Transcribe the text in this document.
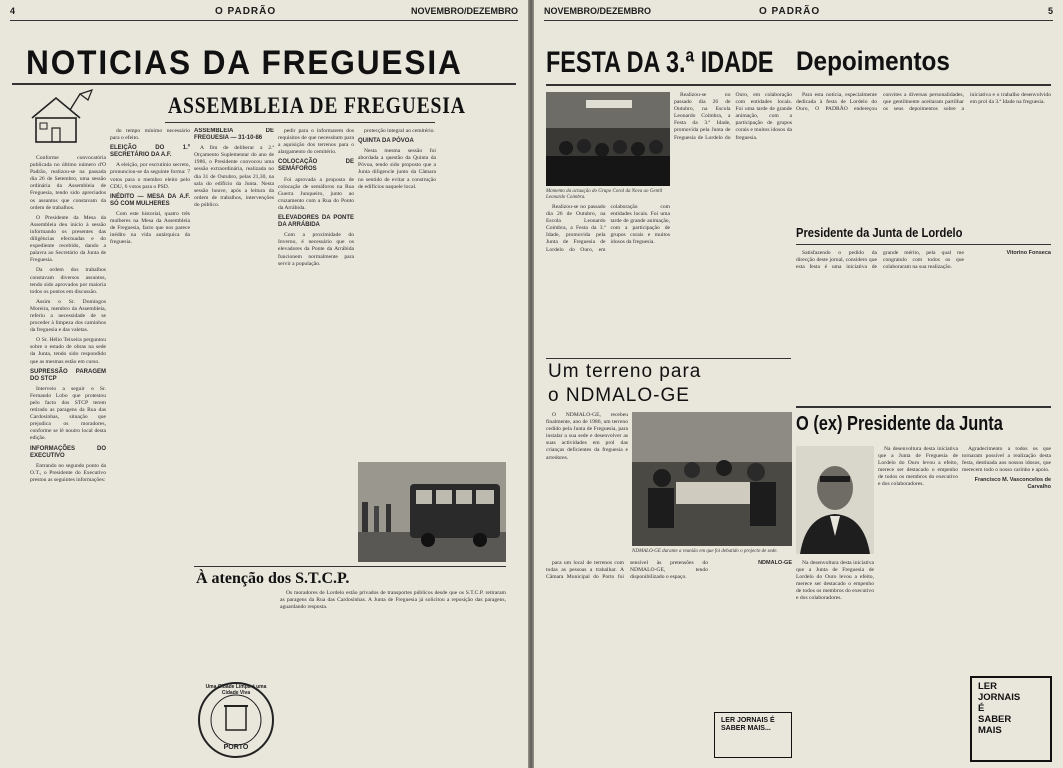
4	O PADRÃO	NOVEMBRO/DEZEMBRO
NOTICIAS DA FREGUESIA
ASSEMBLEIA DE FREGUESIA

Conforme convocatória publicada no último número d'O Padrão, realizou-se na passada dia 26 de Setembro, uma sessão ordinária da Assembleia de Freguesia, tendo sido apreciados os assuntos que constavam da ordem de trabalhos.

O Presidente da Mesa da Assembleia deu início à sessão informando os presentes das diligências efectuadas e do expediente recebido, dando a palavra ao Secretário da Junta de Freguesia.

Da ordem dos trabalhos constavam diversos assuntos, tendo sido aprovados por maioria todos os pontos em discussão.

Assim o Sr. Domingos Moreira, membro da Assembleia, referiu a necessidade de se proceder à limpeza dos caminhos da freguesia e das valetas.

O Sr. Hélio Teixeira perguntou sobre o estado de obras na sede da Junta, tendo sido respondido que as mesmas estão em curso.

SUPRESSÃO PARAGEM DO STCP

Interveio a seguir o Sr. Fernando Lobo que protestou pelo facto dos STCP terem retirado as paragens da Rua das Cardosinhas, situação que prejudica os moradores, conforme se lê noutro local desta edição.

INFORMAÇÕES DO EXECUTIVO

Entrando no segundo ponto da O.T., o Presidente do Executivo prestou as seguintes informações:

do tempo mínimo necessário para o efeito.

ELEIÇÃO DO 1.º SECRETÁRIO DA A.F.

A eleição, por escrutínio secreto, pronunciou-se da seguinte forma: 7 votos para o membro eleito pelo CDU, 6 votos para o PSD.

INÉDITO — MESA DA A.F. SÓ COM MULHERES

Com este historial, quatro três mulheres na Mesa da Assembleia de Freguesia, facto que nos parece inédito na vida autárquica da freguesia.

ASSEMBLEIA DE FREGUESIA — 31-10-86

A fim de deliberar a 2.ª Orçamento Suplementar do ano de 1986, o Presidente convocou uma sessão extraordinária, realizada no dia 31 de Outubro, pelas 21,30, na sala do edifício da Junta. Nesta sessão houve, após a leitura da ordem de trabalhos, intervenções do público.

pedir para o informarem dos requisitos de que necessitam para a aquisição dos terrenos para o alargamento do cemitério.

COLOCAÇÃO DE SEMÁFOROS

Foi aprovada a proposta de colocação de semáforos na Rua Guerra Junqueiro, junto ao cruzamento com a Rua do Ponto da Arrábida.

ELEVADORES DA PONTE DA ARRÁBIDA

Com a proximidade do Inverno, é necessário que os elevadores da Ponte da Arrábida funcionem normalmente para servir a população.

protecção integral ao cemitério.

QUINTA DA PÓVOA

Nesta mesma sessão foi abordada a questão da Quinta da Póvoa, tendo sido proposto que a Junta diligencie junto da Câmara no sentido de evitar a construção de edifícios naquele local.

À atenção dos S.T.C.P.

Os moradores de Lordelo estão privados de transportes públicos desde que os S.T.C.P. retiraram as paragens da Rua das Cardosinhas. A Junta de Freguesia já solicitou a reposição das paragens, aguardando resposta.

Uma Cidade Limpa é uma Cidade Viva
PORTO
NOVEMBRO/DEZEMBRO	O PADRÃO	5
FESTA DA 3.ª IDADE Depoimentos
Momento da actuação do Grupo Coral da Nova ao Gentil Leonardo Coimbra.

Realizou-se no passado dia 26 de Outubro, na Escola Leonardo Coimbra, a Festa da 3.ª Idade, promovida pela Junta de Freguesia de Lordelo do Ouro, em colaboração com entidades locais. Foi uma tarde de grande animação, com a participação de grupos corais e muitos idosos da freguesia.

Realizou-se no passado dia 26 de Outubro, na Escola Leonardo Coimbra, a Festa da 3.ª Idade, promovida pela Junta de Freguesia de Lordelo do Ouro, em colaboração com entidades locais. Foi uma tarde de grande animação, com a participação de grupos corais e muitos idosos da freguesia.

Para esta notícia, especialmente dedicada à festa de Lordelo do Ouro, O PADRÃO endereçou convites a diversas personalidades, que gentilmente aceitaram partilhar os seus depoimentos sobre a iniciativa e o trabalho desenvolvido em prol da 3.ª Idade na freguesia.

Presidente da Junta de Lordelo

Satisfazendo o pedido da direcção deste jornal, considero que esta festa é uma iniciativa de grande mérito, pela qual me congratulo com todos os que colaboraram na sua realização.

Vitorino Fonseca

Um terreno para
o NDMALO-GE

O NDMALO-GE, recebeu finalmente, ano de 1986, um terreno cedido pela Junta de Freguesia, para instalar a sua sede e desenvolver as suas actividades em prol das crianças deficientes da freguesia e arredores.

NDMALO-GE durante a reunião em que foi debatido o projecto de sede.

para um local de terrenos com todas as pessoas a trabalhar. A Câmara Municipal do Porto foi sensível às pretensões do NDMALO-GE, tendo disponibilizado o espaço.

NDMALO-GE

LER JORNAIS É SABER MAIS...
O (ex) Presidente da Junta

Na desenvoltura desta iniciativa que a Junta de Freguesia de Lordelo do Ouro levou a efeito, merece ser destacado o empenho de todos os membros do executivo e dos colaboradores.

Agradecimento a todos os que tornaram possível a realização desta festa, destinada aos nossos idosos, que merecem todo o nosso carinho e apoio.

Francisco M. Vasconcelos de Carvalho

Na desenvoltura desta iniciativa que a Junta de Freguesia de Lordelo do Ouro levou a efeito, merece ser destacado o empenho de todos os membros do executivo e dos colaboradores.

LER
JORNAIS
É
SABER
MAIS
